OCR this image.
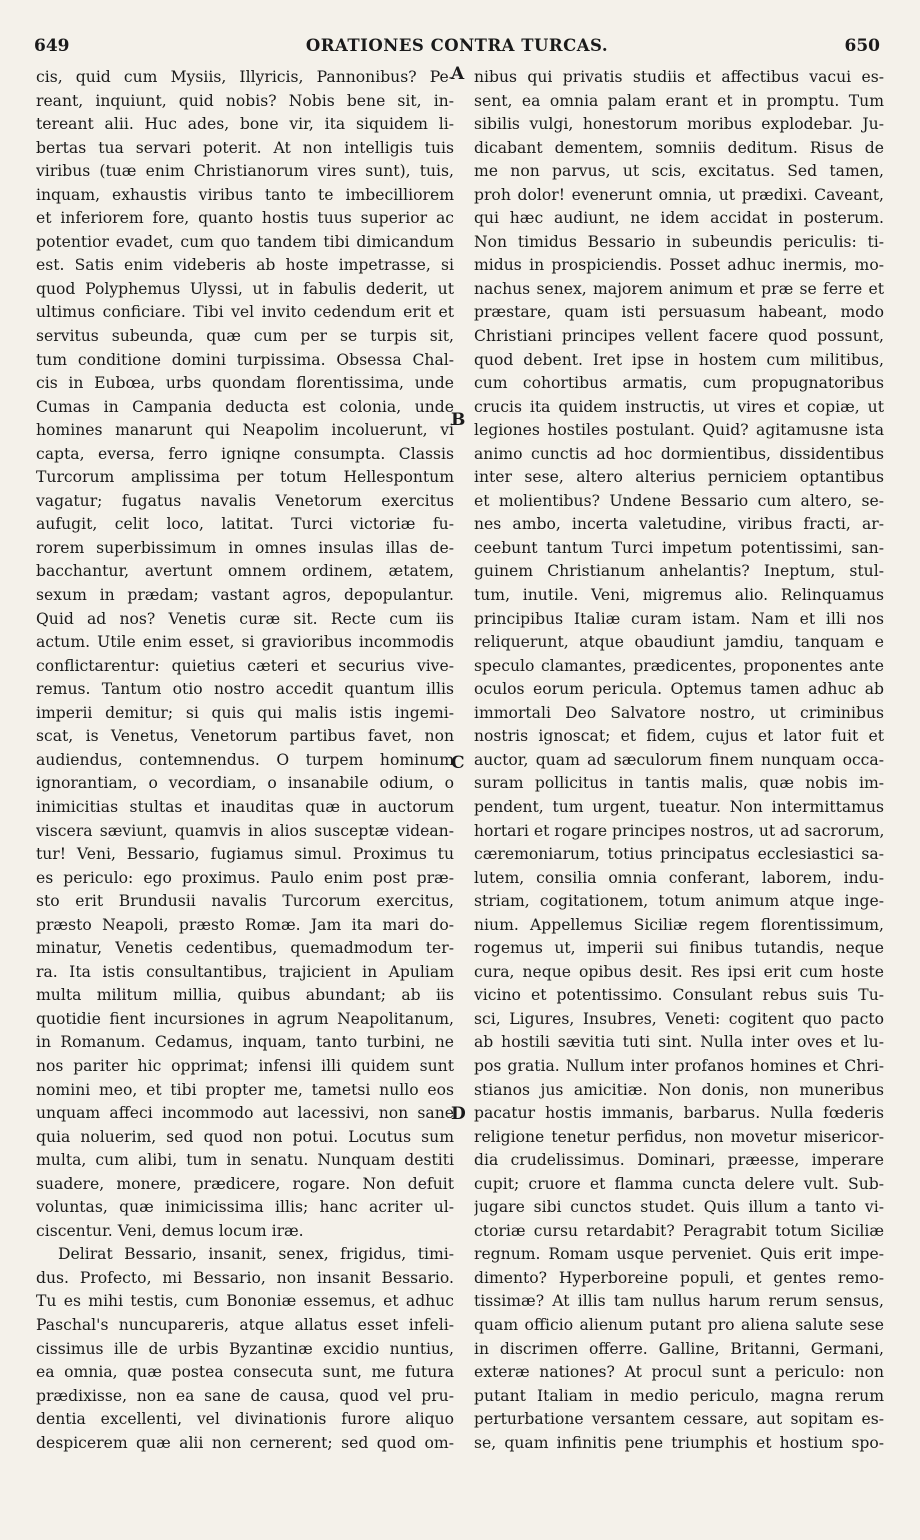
649	ORATIONES CONTRA TURCAS.	650
cis, quid cum Mysiis, Illyricis, Pannonibus? Pe-
reant, inquiunt, quid nobis? Nobis bene sit, in-
tereant alii. Huc ades, bone vir, ita siquidem li-
bertas tua servari poterit. At non intelligis tuis
viribus (tuæ enim Christianorum vires sunt), tuis,
inquam, exhaustis viribus tanto te imbecilliorem
et inferiorem fore, quanto hostis tuus superior ac
potentior evadet, cum quo tandem tibi dimicandum
est. Satis enim videberis ab hoste impetrasse, si
quod Polyphemus Ulyssi, ut in fabulis dederit, ut
ultimus conficiare. Tibi vel invito cedendum erit et
servitus subeunda, quæ cum per se turpis sit,
tum conditione domini turpissima. Obsessa Chal-
cis in Eubœa, urbs quondam florentissima, unde
Cumas in Campania deducta est colonia, unde
homines manarunt qui Neapolim incoluerunt, vi
capta, eversa, ferro igniqne consumpta. Classis
Turcorum amplissima per totum Hellespontum
vagatur; fugatus navalis Venetorum exercitus
aufugit, celit loco, latitat. Turci victoriæ fu-
rorem superbissimum in omnes insulas illas de-
bacchantur, avertunt omnem ordinem, ætatem,
sexum in prædam; vastant agros, depopulantur.
Quid ad nos? Venetis curæ sit. Recte cum iis
actum. Utile enim esset, si gravioribus incommodis
conflictarentur: quietius cæteri et securius vive-
remus. Tantum otio nostro accedit quantum illis
imperii demitur; si quis qui malis istis ingemi-
scat, is Venetus, Venetorum partibus favet, non
audiendus, contemnendus. O turpem hominum
ignorantiam, o vecordiam, o insanabile odium, o
inimicitias stultas et inauditas quæ in auctorum
viscera sæviunt, quamvis in alios susceptæ videan-
tur! Veni, Bessario, fugiamus simul. Proximus tu
es periculo: ego proximus. Paulo enim post præ-
sto erit Brundusii navalis Turcorum exercitus,
præsto Neapoli, præsto Romæ. Jam ita mari do-
minatur, Venetis cedentibus, quemadmodum ter-
ra. Ita istis consultantibus, trajicient in Apuliam
multa militum millia, quibus abundant; ab iis
quotidie fient incursiones in agrum Neapolitanum,
in Romanum. Cedamus, inquam, tanto turbini, ne
nos pariter hic opprimat; infensi illi quidem sunt
nomini meo, et tibi propter me, tametsi nullo eos
unquam affeci incommodo aut lacessivi, non sane
quia noluerim, sed quod non potui. Locutus sum
multa, cum alibi, tum in senatu. Nunquam destiti
suadere, monere, prædicere, rogare. Non defuit
voluntas, quæ inimicissima illis; hanc acriter ul-
ciscentur. Veni, demus locum iræ.
Delirat Bessario, insanit, senex, frigidus, timi-
dus. Profecto, mi Bessario, non insanit Bessario.
Tu es mihi testis, cum Bononiæ essemus, et adhuc
Paschal's nuncupareris, atque allatus esset infeli-
cissimus ille de urbis Byzantinæ excidio nuntius,
ea omnia, quæ postea consecuta sunt, me futura
prædixisse, non ea sane de causa, quod vel pru-
dentia excellenti, vel divinationis furore aliquo
despicerem quæ alii non cernerent; sed quod om-
nibus qui privatis studiis et affectibus vacui es-
sent, ea omnia palam erant et in promptu. Tum
sibilis vulgi, honestorum moribus explodebar. Ju-
dicabant dementem, somniis deditum. Risus de
me non parvus, ut scis, excitatus. Sed tamen,
proh dolor! evenerunt omnia, ut prædixi. Caveant,
qui hæc audiunt, ne idem accidat in posterum.
Non timidus Bessario in subeundis periculis: ti-
midus in prospiciendis. Posset adhuc inermis, mo-
nachus senex, majorem animum et præ se ferre et
præstare, quam isti persuasum habeant, modo
Christiani principes vellent facere quod possunt,
quod debent. Iret ipse in hostem cum militibus,
cum cohortibus armatis, cum propugnatoribus
crucis ita quidem instructis, ut vires et copiæ, ut
legiones hostiles postulant. Quid? agitamusne ista
animo cunctis ad hoc dormientibus, dissidentibus
inter sese, altero alterius perniciem optantibus
et molientibus? Undene Bessario cum altero, se-
nes ambo, incerta valetudine, viribus fracti, ar-
ceebunt tantum Turci impetum potentissimi, san-
guinem Christianum anhelantis? Ineptum, stul-
tum, inutile. Veni, migremus alio. Relinquamus
principibus Italiæ curam istam. Nam et illi nos
reliquerunt, atque obaudiunt jamdiu, tanquam e
speculo clamantes, prædicentes, proponentes ante
oculos eorum pericula. Optemus tamen adhuc ab
immortali Deo Salvatore nostro, ut criminibus
nostris ignoscat; et fidem, cujus et lator fuit et
auctor, quam ad sæculorum finem nunquam occa-
suram pollicitus in tantis malis, quæ nobis im-
pendent, tum urgent, tueatur. Non intermittamus
hortari et rogare principes nostros, ut ad sacrorum,
cæremoniarum, totius principatus ecclesiastici sa-
lutem, consilia omnia conferant, laborem, indu-
striam, cogitationem, totum animum atque inge-
nium. Appellemus Siciliæ regem florentissimum,
rogemus ut, imperii sui finibus tutandis, neque
cura, neque opibus desit. Res ipsi erit cum hoste
vicino et potentissimo. Consulant rebus suis Tu-
sci, Ligures, Insubres, Veneti: cogitent quo pacto
ab hostili sævitia tuti sint. Nulla inter oves et lu-
pos gratia. Nullum inter profanos homines et Chri-
stianos jus amicitiæ. Non donis, non muneribus
pacatur hostis immanis, barbarus. Nulla fœderis
religione tenetur perfidus, non movetur misericor-
dia crudelissimus. Dominari, præesse, imperare
cupit; cruore et flamma cuncta delere vult. Sub-
jugare sibi cunctos studet. Quis illum a tanto vi-
ctoriæ cursu retardabit? Peragrabit totum Siciliæ
regnum. Romam usque perveniet. Quis erit impe-
dimento? Hyperboreine populi, et gentes remo-
tissimæ? At illis tam nullus harum rerum sensus,
quam officio alienum putant pro aliena salute sese
in discrimen offerre. Galline, Britanni, Germani,
exteræ nationes? At procul sunt a periculo: non
putant Italiam in medio periculo, magna rerum
perturbatione versantem cessare, aut sopitam es-
se, quam infinitis pene triumphis et hostium spo-
A
B
C
D
